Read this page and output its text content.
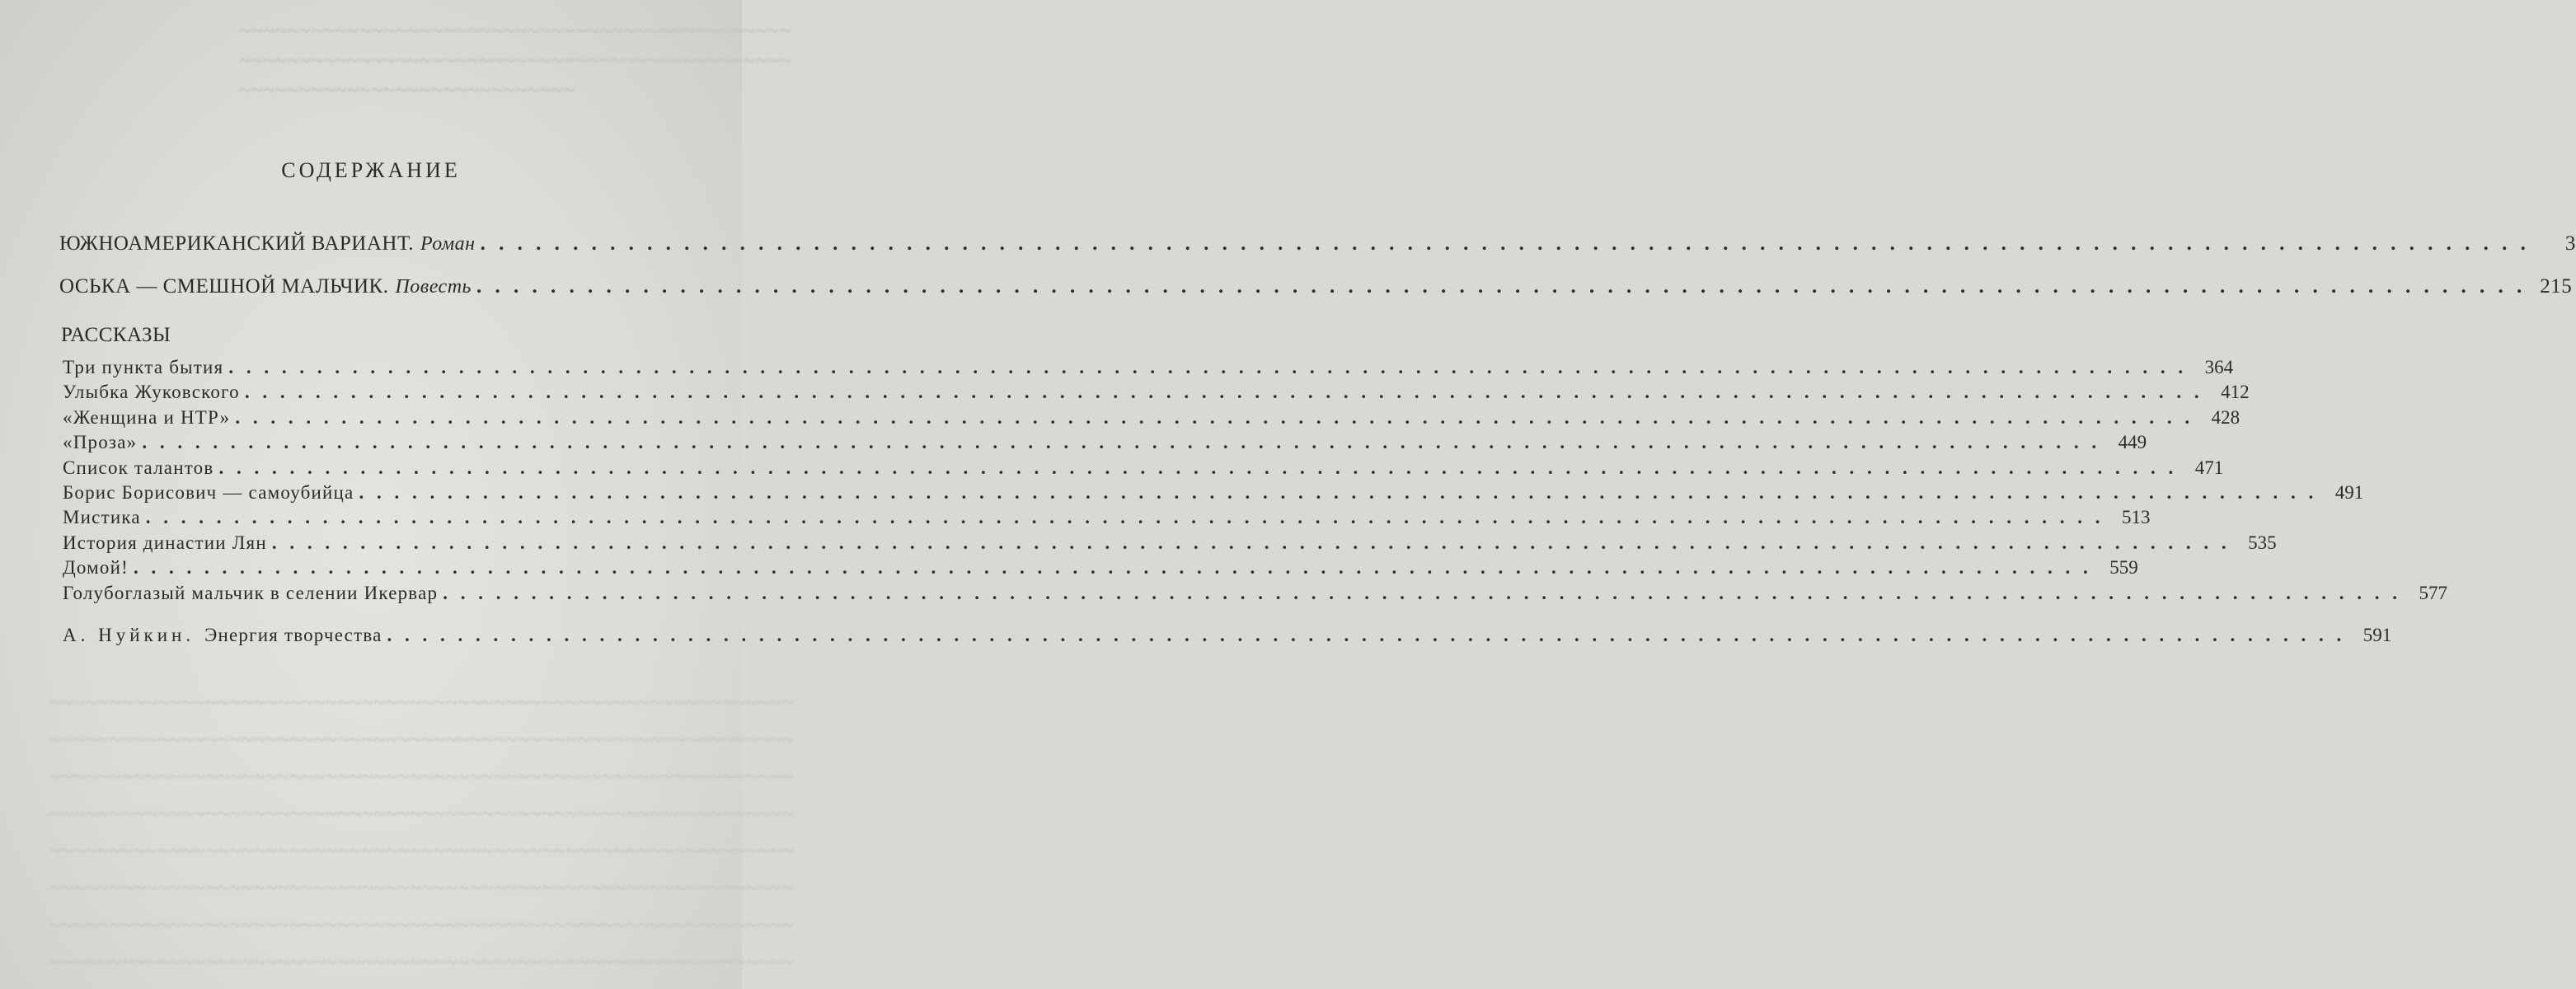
~~~~~~~~~~~~~~~~~~~~~~~~~~~~~~~~~~~~~~~~~~~~~~
~~~~~~~~~~~~~~~~~~~~~~~~~~~~~~~~~~~~~~~~~~~~~~
~~~~~~~~~~~~~~~~~~~~~~~~~~~~
~~~~~~~~~~~~~~~~~~~~~~~~~~~~~~~~~~~~~~~~~~~~~~~~~~~~~~~~~~~~~~
~~~~~~~~~~~~~~~~~~~~~~~~~~~~~~~~~~~~~~~~~~~~~~~~~~~~~~~~~~~~~~
~~~~~~~~~~~~~~~~~~~~~~~~~~~~~~~~~~~~~~~~~~~~~~~~~~~~~~~~~~~~~~
~~~~~~~~~~~~~~~~~~~~~~~~~~~~~~~~~~~~~~~~~~~~~~~~~~~~~~~~~~~~~~
~~~~~~~~~~~~~~~~~~~~~~~~~~~~~~~~~~~~~~~~~~~~~~~~~~~~~~~~~~~~~~
~~~~~~~~~~~~~~~~~~~~~~~~~~~~~~~~~~~~~~~~~~~~~~~~~~~~~~~~~~~~~~
~~~~~~~~~~~~~~~~~~~~~~~~~~~~~~~~~~~~~~~~~~~~~~~~~~~~~~~~~~~~~~
~~~~~~~~~~~~~~~~~~~~~~~~~~~~~~~~~~~~~~~~~~~~~~~~~~~~~~~~~~~~~~
СОДЕРЖАНИЕ
ЮЖНОАМЕРИКАНСКИЙ ВАРИАНТ. Роман . . .	3
ОСЬКА — СМЕШНОЙ МАЛЬЧИК. Повесть . . .	215
РАССКАЗЫ
Три пункта бытия . . .	364
Улыбка Жуковского . . .	412
«Женщина и НТР» . . .	428
«Проза» . . .	449
Список талантов . . .	471
Борис Борисович — самоубийца . . .	491
Мистика . . .	513
История династии Лян . . .	535
Домой! . . .	559
Голубоглазый мальчик в селении Икервар . . .	577
А. Нуйкин. Энергия творчества . . .	591
